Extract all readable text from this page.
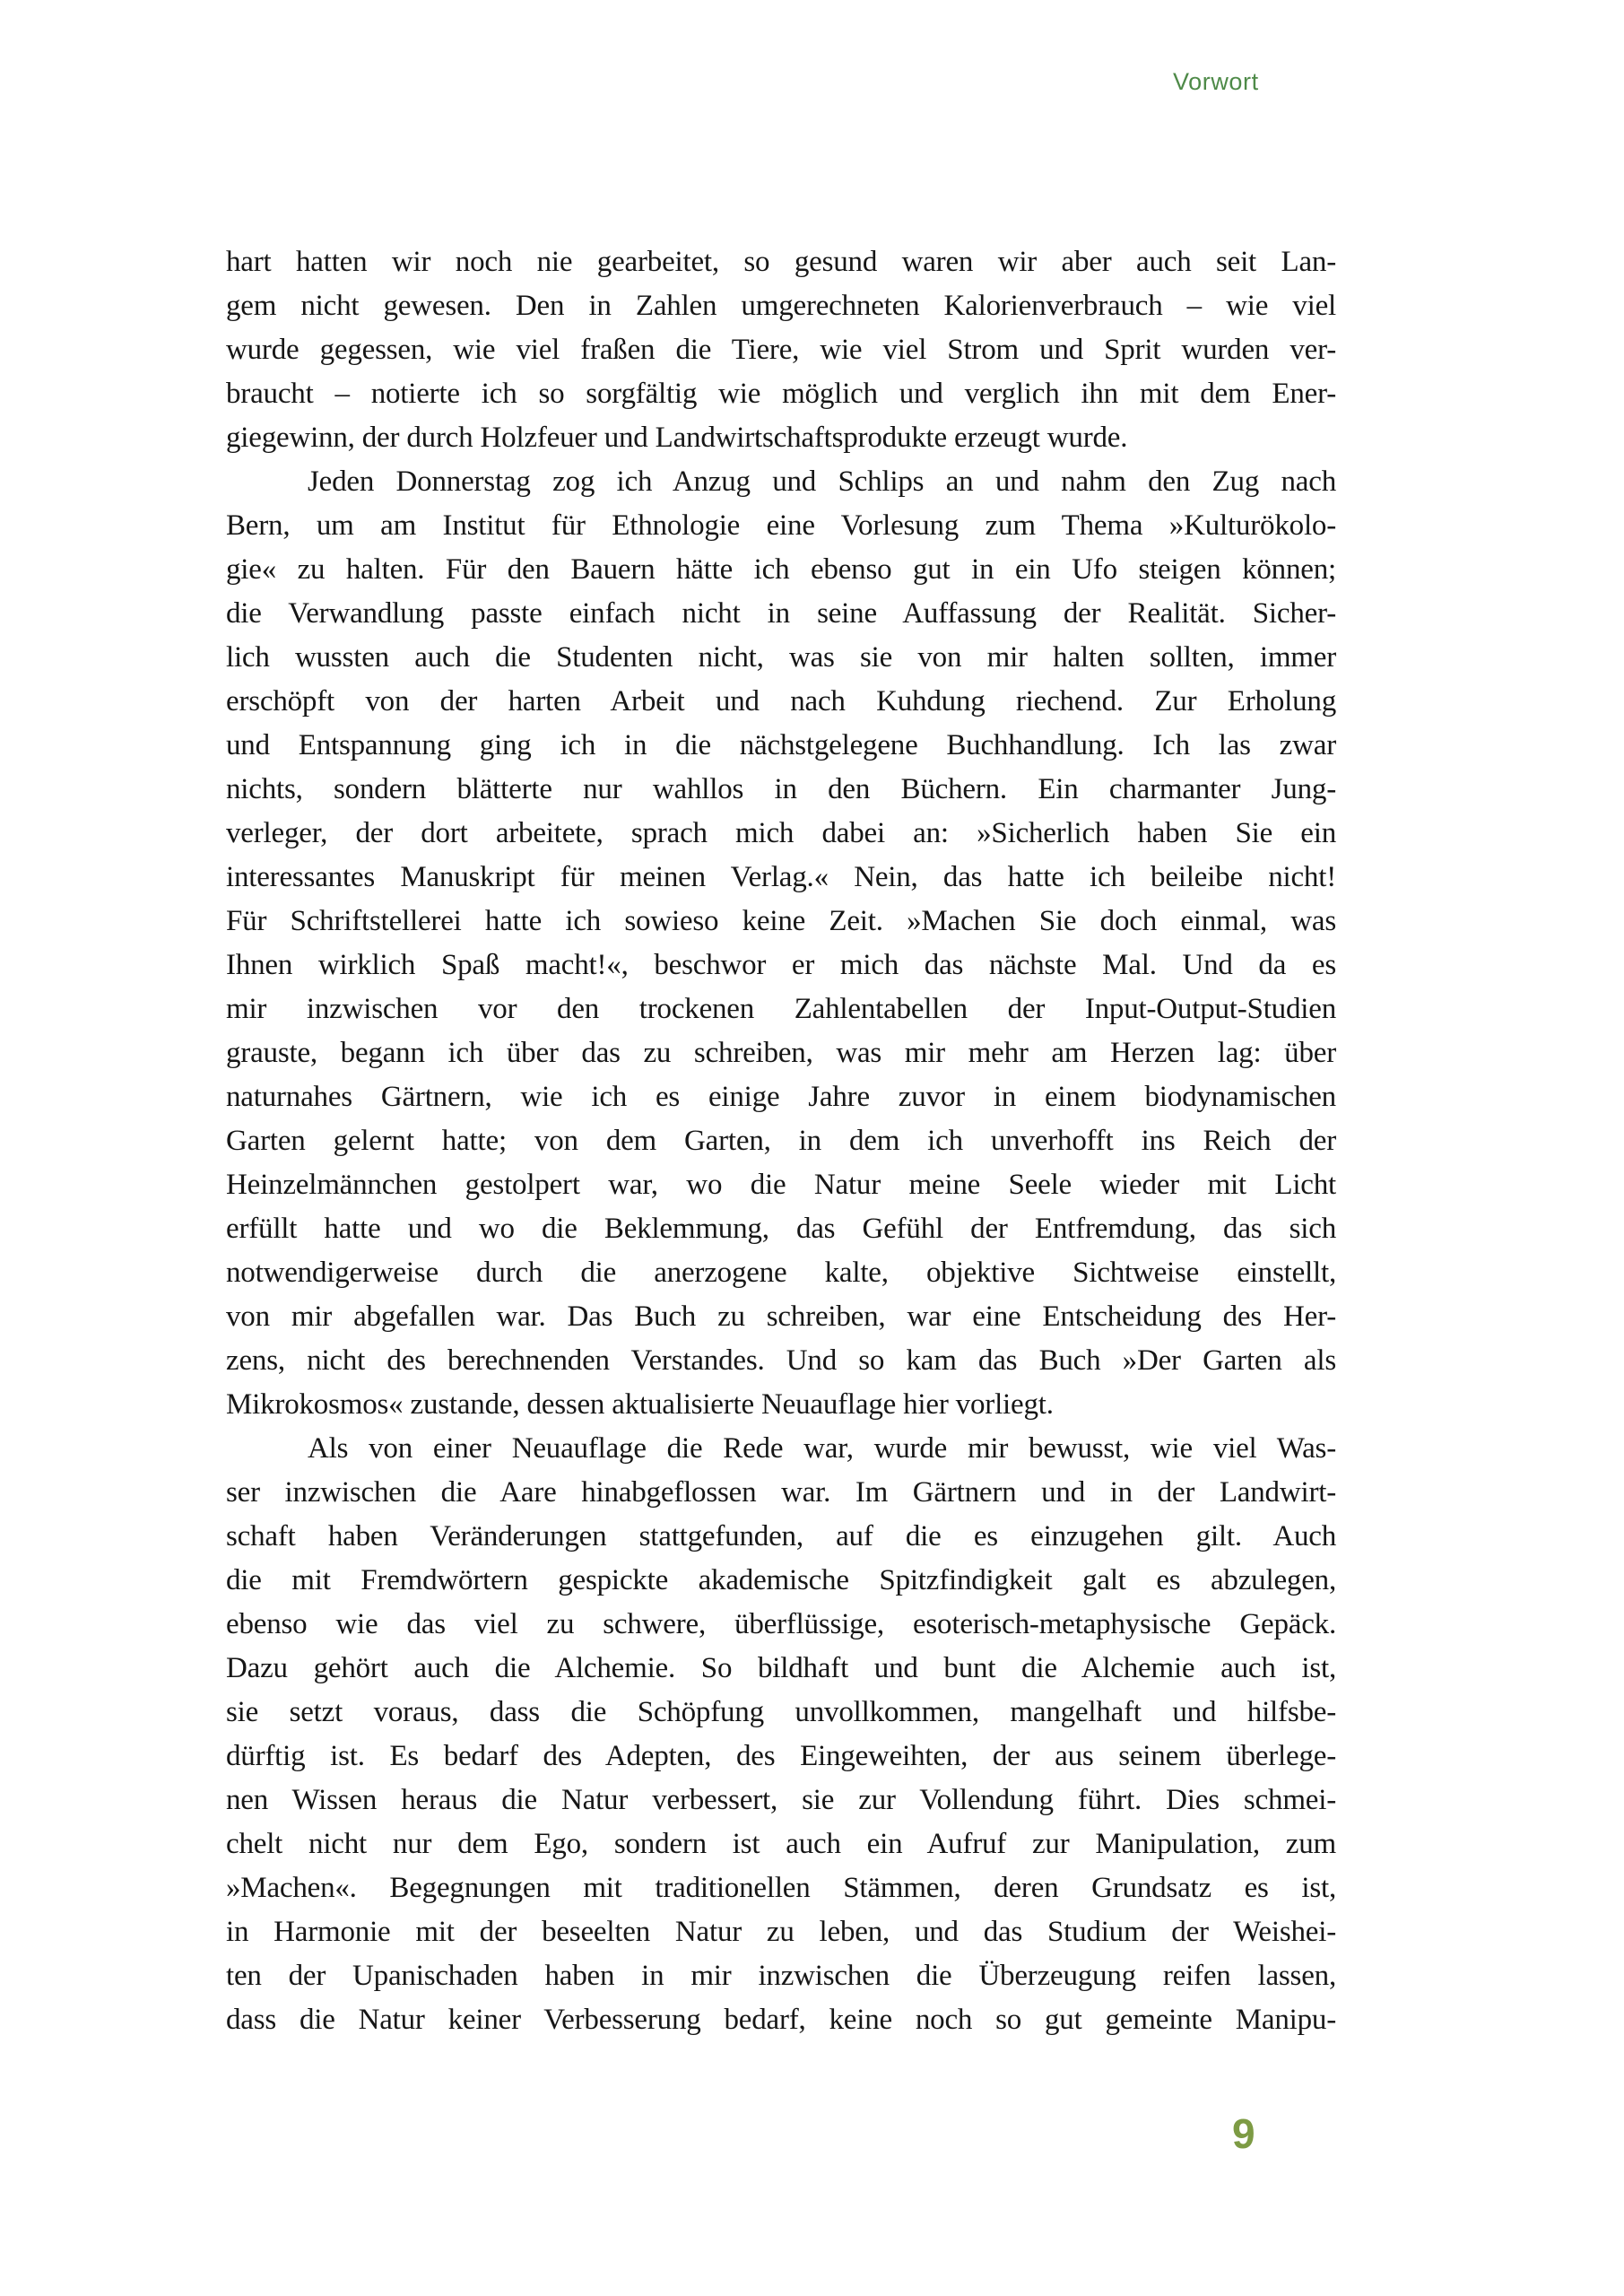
Vorwort
hart hatten wir noch nie gearbeitet, so gesund waren wir aber auch seit Lan-
gem nicht gewesen. Den in Zahlen umgerechneten Kalorienverbrauch – wie viel
wurde gegessen, wie viel fraßen die Tiere, wie viel Strom und Sprit wurden ver-
braucht – notierte ich so sorgfältig wie möglich und verglich ihn mit dem Ener-
giegewinn, der durch Holzfeuer und Landwirtschaftsprodukte erzeugt wurde.
Jeden Donnerstag zog ich Anzug und Schlips an und nahm den Zug nach
Bern, um am Institut für Ethnologie eine Vorlesung zum Thema »Kulturökolo-
gie« zu halten. Für den Bauern hätte ich ebenso gut in ein Ufo steigen können;
die Verwandlung passte einfach nicht in seine Auffassung der Realität. Sicher-
lich wussten auch die Studenten nicht, was sie von mir halten sollten, immer
erschöpft von der harten Arbeit und nach Kuhdung riechend. Zur Erholung
und Entspannung ging ich in die nächstgelegene Buchhandlung. Ich las zwar
nichts, sondern blätterte nur wahllos in den Büchern. Ein charmanter Jung-
verleger, der dort arbeitete, sprach mich dabei an: »Sicherlich haben Sie ein
interessantes Manuskript für meinen Verlag.« Nein, das hatte ich beileibe nicht!
Für Schriftstellerei hatte ich sowieso keine Zeit. »Machen Sie doch einmal, was
Ihnen wirklich Spaß macht!«, beschwor er mich das nächste Mal. Und da es
mir inzwischen vor den trockenen Zahlentabellen der Input-Output-Studien
grauste, begann ich über das zu schreiben, was mir mehr am Herzen lag: über
naturnahes Gärtnern, wie ich es einige Jahre zuvor in einem biodynamischen
Garten gelernt hatte; von dem Garten, in dem ich unverhofft ins Reich der
Heinzelmännchen gestolpert war, wo die Natur meine Seele wieder mit Licht
erfüllt hatte und wo die Beklemmung, das Gefühl der Entfremdung, das sich
notwendigerweise durch die anerzogene kalte, objektive Sichtweise einstellt,
von mir abgefallen war. Das Buch zu schreiben, war eine Entscheidung des Her-
zens, nicht des berechnenden Verstandes. Und so kam das Buch »Der Garten als
Mikrokosmos« zustande, dessen aktualisierte Neuauflage hier vorliegt.
Als von einer Neuauflage die Rede war, wurde mir bewusst, wie viel Was-
ser inzwischen die Aare hinabgeflossen war. Im Gärtnern und in der Landwirt-
schaft haben Veränderungen stattgefunden, auf die es einzugehen gilt. Auch
die mit Fremdwörtern gespickte akademische Spitzfindigkeit galt es abzulegen,
ebenso wie das viel zu schwere, überflüssige, esoterisch-metaphysische Gepäck.
Dazu gehört auch die Alchemie. So bildhaft und bunt die Alchemie auch ist,
sie setzt voraus, dass die Schöpfung unvollkommen, mangelhaft und hilfsbe-
dürftig ist. Es bedarf des Adepten, des Eingeweihten, der aus seinem überlege-
nen Wissen heraus die Natur verbessert, sie zur Vollendung führt. Dies schmei-
chelt nicht nur dem Ego, sondern ist auch ein Aufruf zur Manipulation, zum
»Machen«. Begegnungen mit traditionellen Stämmen, deren Grundsatz es ist,
in Harmonie mit der beseelten Natur zu leben, und das Studium der Weishei-
ten der Upanischaden haben in mir inzwischen die Überzeugung reifen lassen,
dass die Natur keiner Verbesserung bedarf, keine noch so gut gemeinte Manipu-
9
